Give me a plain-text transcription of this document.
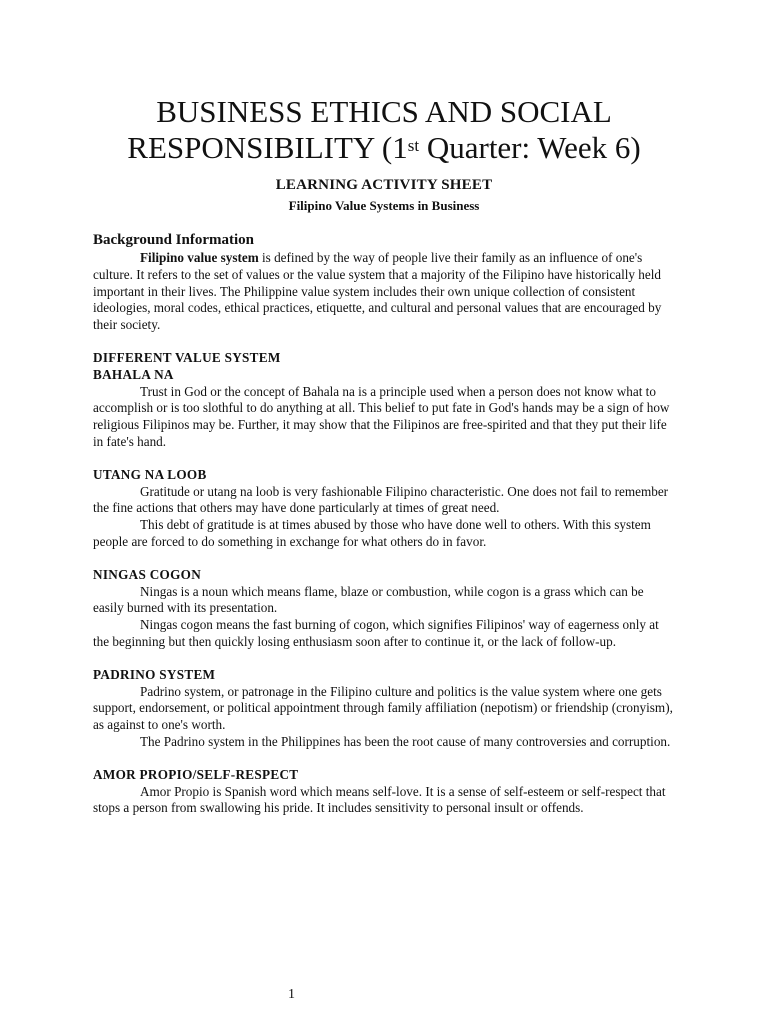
BUSINESS ETHICS AND SOCIAL
RESPONSIBILITY (1st Quarter: Week 6)
LEARNING ACTIVITY SHEET
Filipino Value Systems in Business

Background Information

Filipino value system is defined by the way of people live their family as an influence of one's culture. It refers to the set of values or the value system that a majority of the Filipino have historically held important in their lives. The Philippine value system includes their own unique collection of consistent ideologies, moral codes, ethical practices, etiquette, and cultural and personal values that are encouraged by their society.

DIFFERENT VALUE SYSTEM

BAHALA NA

Trust in God or the concept of Bahala na is a principle used when a person does not know what to accomplish or is too slothful to do anything at all. This belief to put fate in God's hands may be a sign of how religious Filipinos may be. Further, it may show that the Filipinos are free-spirited and that they put their life in fate's hand.

UTANG NA LOOB

Gratitude or utang na loob is very fashionable Filipino characteristic. One does not fail to remember the fine actions that others may have done particularly at times of great need.

This debt of gratitude is at times abused by those who have done well to others. With this system people are forced to do something in exchange for what others do in favor.

NINGAS COGON

Ningas is a noun which means flame, blaze or combustion, while cogon is a grass which can be easily burned with its presentation.

Ningas cogon means the fast burning of cogon, which signifies Filipinos' way of eagerness only at the beginning but then quickly losing enthusiasm soon after to continue it, or the lack of follow-up.

PADRINO SYSTEM

Padrino system, or patronage in the Filipino culture and politics is the value system where one gets support, endorsement, or political appointment through family affiliation (nepotism) or friendship (cronyism), as against to one's worth.

The Padrino system in the Philippines has been the root cause of many controversies and corruption.

AMOR PROPIO/SELF-RESPECT

Amor Propio is Spanish word which means self-love. It is a sense of self-esteem or self-respect that stops a person from swallowing his pride. It includes sensitivity to personal insult or offends.

1
